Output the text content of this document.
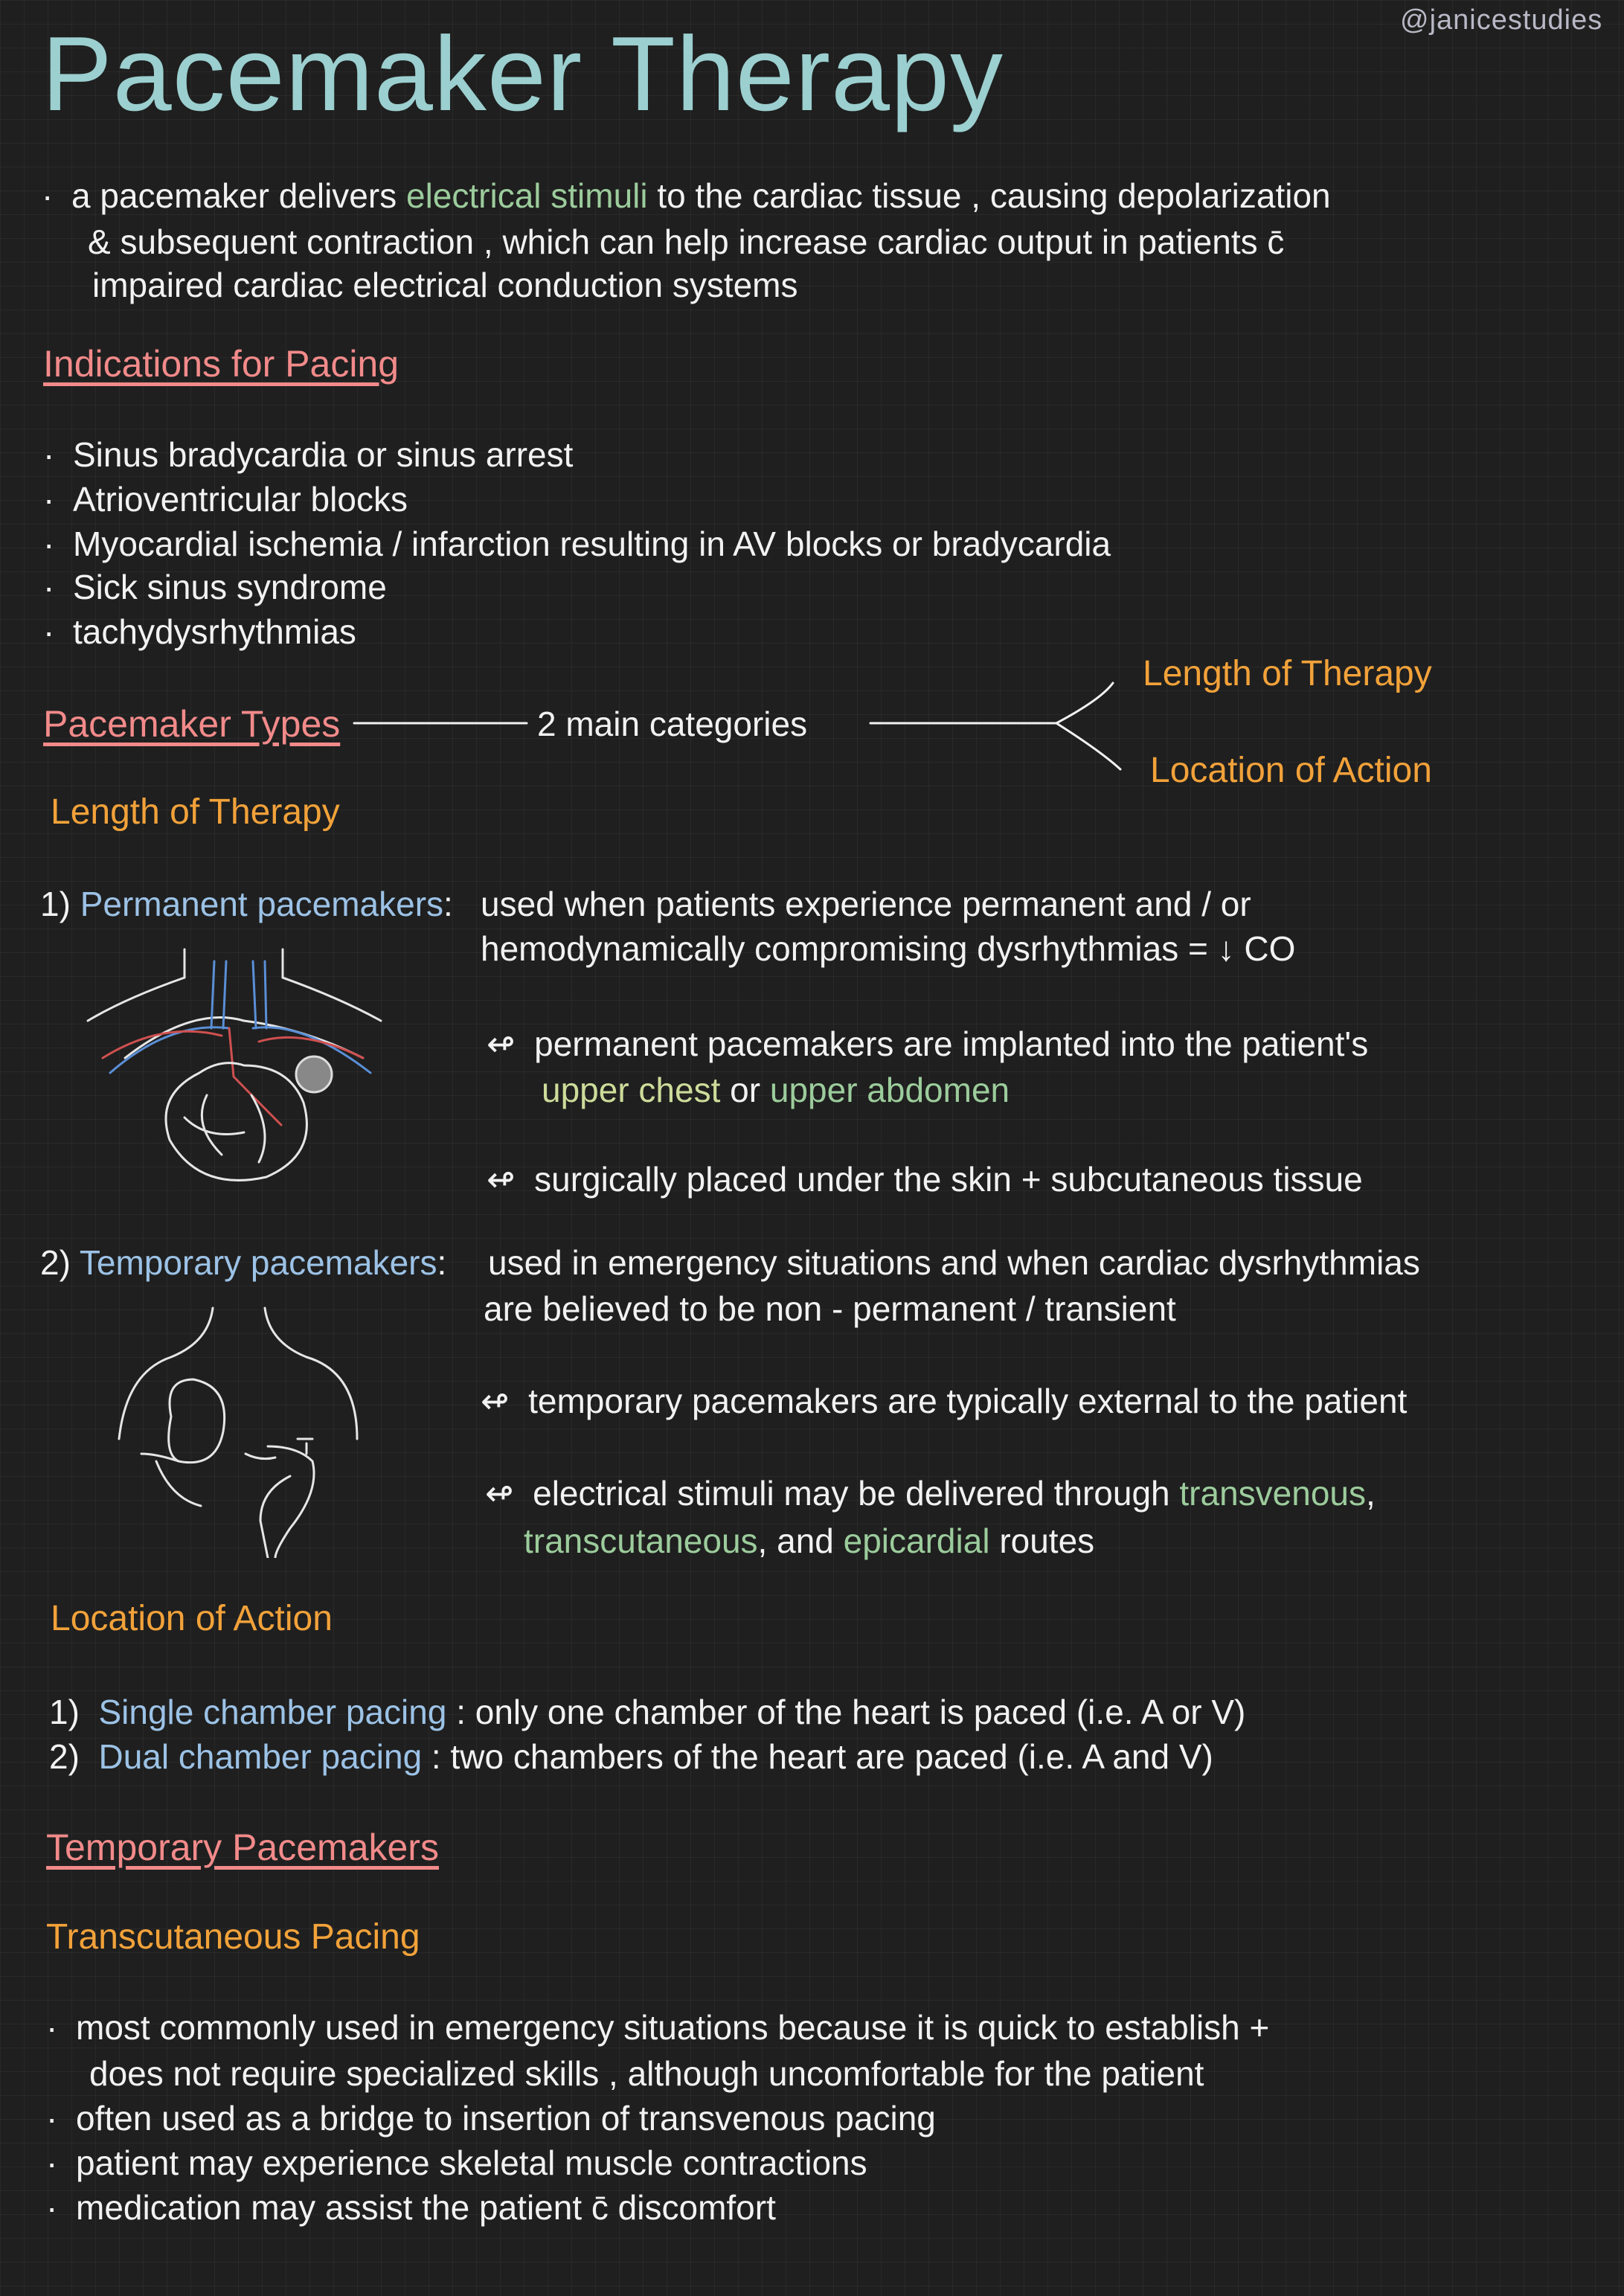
@janicestudies
Pacemaker Therapy
· a pacemaker delivers electrical stimuli to the cardiac tissue , causing depolarization
& subsequent contraction , which can help increase cardiac output in patients c̄
impaired cardiac electrical conduction systems
Indications for Pacing
· Sinus bradycardia or sinus arrest
· Atrioventricular blocks
· Myocardial ischemia / infarction resulting in AV blocks or bradycardia
· Sick sinus syndrome
· tachydysrhythmias
Pacemaker Types	2 main categories
Length of Therapy
Location of Action
Length of Therapy
1) Permanent pacemakers: used when patients experience permanent and / or
hemodynamically compromising dysrhythmias = ↓ CO
↫ permanent pacemakers are implanted into the patient's
upper chest or upper abdomen
↫ surgically placed under the skin + subcutaneous tissue
2) Temporary pacemakers: used in emergency situations and when cardiac dysrhythmias
are believed to be non - permanent / transient
↫ temporary pacemakers are typically external to the patient
↫ electrical stimuli may be delivered through transvenous,
transcutaneous, and epicardial routes
Location of Action
1) Single chamber pacing : only one chamber of the heart is paced (i.e. A or V)
2) Dual chamber pacing : two chambers of the heart are paced (i.e. A and V)
Temporary Pacemakers
Transcutaneous Pacing
· most commonly used in emergency situations because it is quick to establish +
does not require specialized skills , although uncomfortable for the patient
· often used as a bridge to insertion of transvenous pacing
· patient may experience skeletal muscle contractions
· medication may assist the patient c̄ discomfort
